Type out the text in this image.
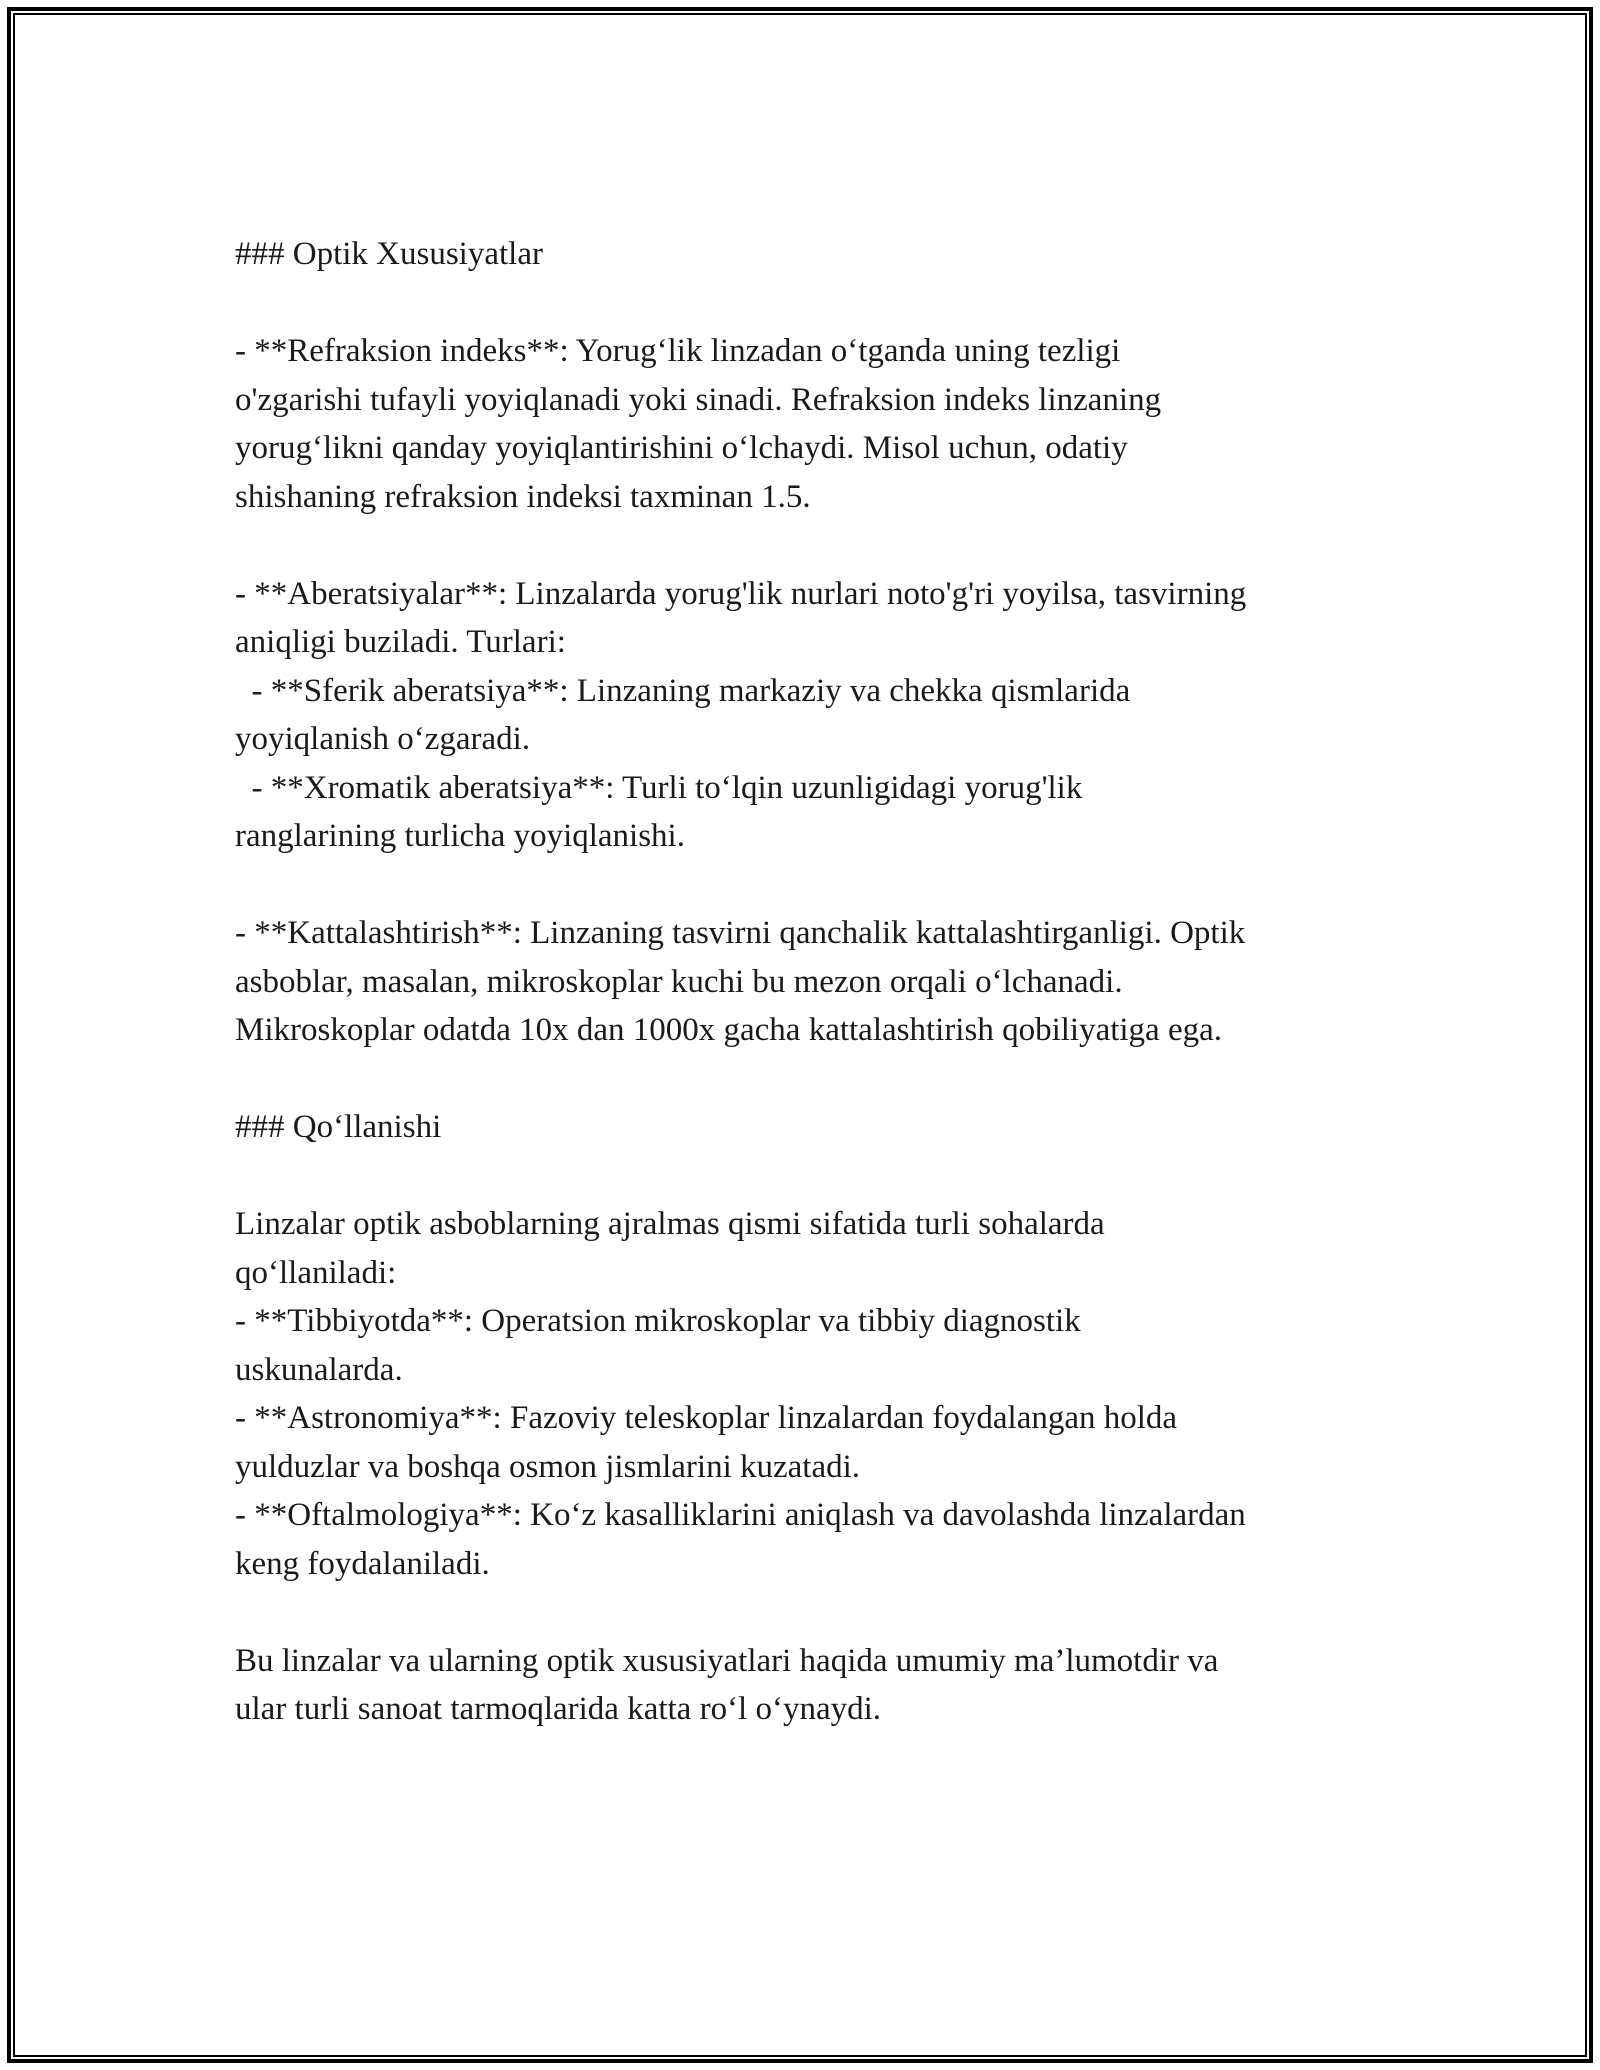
### Optik Xususiyatlar
- **Refraksion indeks**: Yorug‘lik linzadan o‘tganda uning tezligi
o'zgarishi tufayli yoyiqlanadi yoki sinadi. Refraksion indeks linzaning
yorug‘likni qanday yoyiqlantirishini o‘lchaydi. Misol uchun, odatiy
shishaning refraksion indeksi taxminan 1.5.
- **Aberatsiyalar**: Linzalarda yorug'lik nurlari noto'g'ri yoyilsa, tasvirning
aniqligi buziladi. Turlari:
- **Sferik aberatsiya**: Linzaning markaziy va chekka qismlarida
yoyiqlanish o‘zgaradi.
- **Xromatik aberatsiya**: Turli to‘lqin uzunligidagi yorug'lik
ranglarining turlicha yoyiqlanishi.
- **Kattalashtirish**: Linzaning tasvirni qanchalik kattalashtirganligi. Optik
asboblar, masalan, mikroskoplar kuchi bu mezon orqali o‘lchanadi.
Mikroskoplar odatda 10x dan 1000x gacha kattalashtirish qobiliyatiga ega.
### Qo‘llanishi
Linzalar optik asboblarning ajralmas qismi sifatida turli sohalarda
qo‘llaniladi:
- **Tibbiyotda**: Operatsion mikroskoplar va tibbiy diagnostik
uskunalarda.
- **Astronomiya**: Fazoviy teleskoplar linzalardan foydalangan holda
yulduzlar va boshqa osmon jismlarini kuzatadi.
- **Oftalmologiya**: Ko‘z kasalliklarini aniqlash va davolashda linzalardan
keng foydalaniladi.
Bu linzalar va ularning optik xususiyatlari haqida umumiy ma’lumotdir va
ular turli sanoat tarmoqlarida katta ro‘l o‘ynaydi.
